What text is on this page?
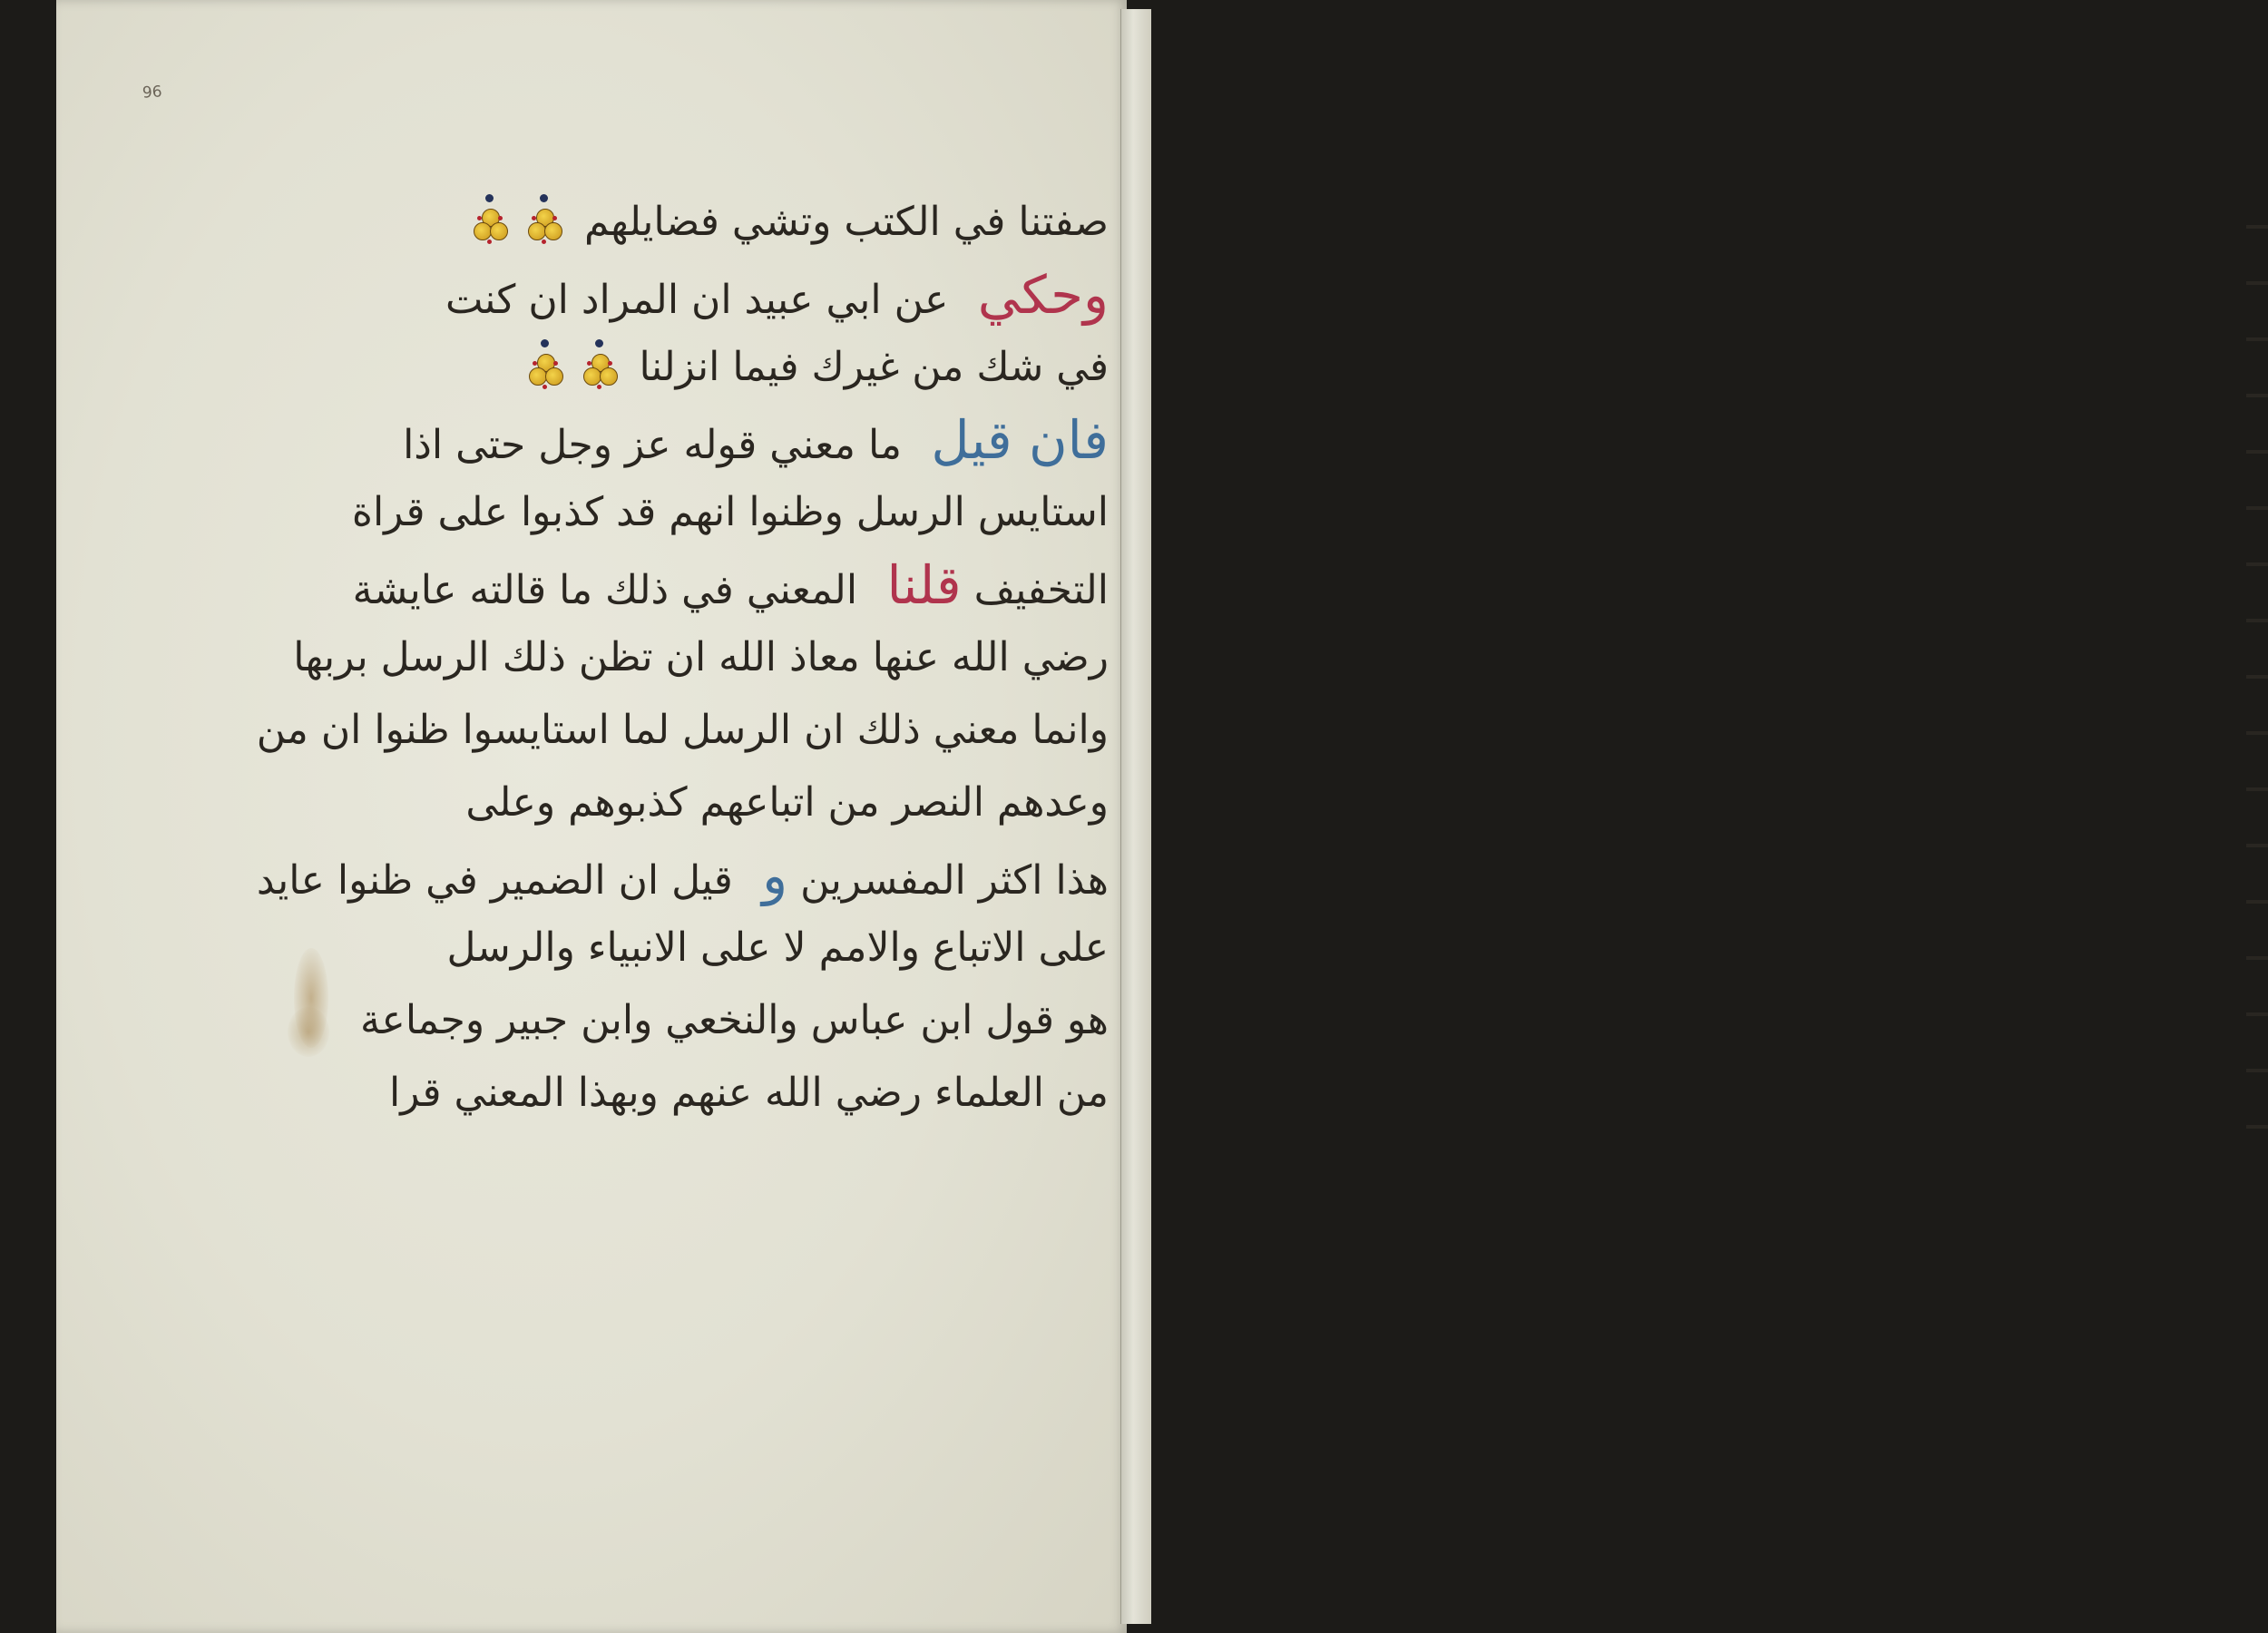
96
صفتنا في الكتب وتشي فضايلهم
وحكي عن ابي عبيد ان المراد ان كنت
في شك من غيرك فيما انزلنا
فان قيل ما معني قوله عز وجل حتى اذا
استايس الرسل وظنوا انهم قد كذبوا على قراة
التخفيف قلنا المعني في ذلك ما قالته عايشة
رضي الله عنها معاذ الله ان تظن ذلك الرسل بربها
وانما معني ذلك ان الرسل لما استايسوا ظنوا ان من
وعدهم النصر من اتباعهم كذبوهم وعلى
هذا اكثر المفسرين و قيل ان الضمير في ظنوا عايد
على الاتباع والامم لا على الانبياء والرسل
هو قول ابن عباس والنخعي وابن جبير وجماعة
من العلماء رضي الله عنهم وبهذا المعني قرا
